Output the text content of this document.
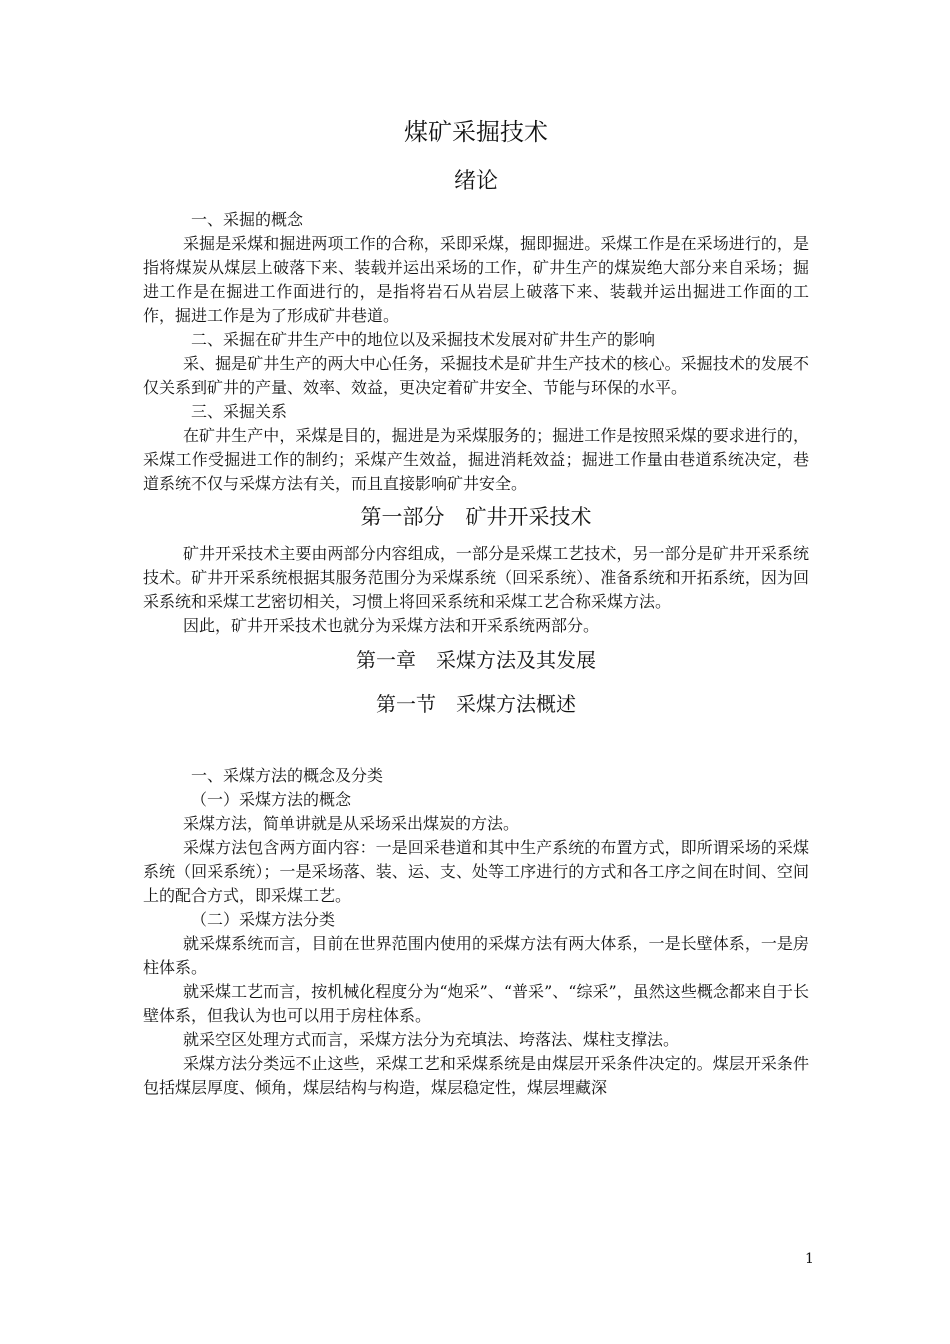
煤矿采掘技术
绪论

一、采掘的概念

采掘是采煤和掘进两项工作的合称，采即采煤，掘即掘进。采煤工作是在采场进行的，是指将煤炭从煤层上破落下来、装载并运出采场的工作，矿井生产的煤炭绝大部分来自采场；掘进工作是在掘进工作面进行的，是指将岩石从岩层上破落下来、装载并运出掘进工作面的工作，掘进工作是为了形成矿井巷道。

二、采掘在矿井生产中的地位以及采掘技术发展对矿井生产的影响

采、掘是矿井生产的两大中心任务，采掘技术是矿井生产技术的核心。采掘技术的发展不仅关系到矿井的产量、效率、效益，更决定着矿井安全、节能与环保的水平。

三、采掘关系

在矿井生产中，采煤是目的，掘进是为采煤服务的；掘进工作是按照采煤的要求进行的，采煤工作受掘进工作的制约；采煤产生效益，掘进消耗效益；掘进工作量由巷道系统决定，巷道系统不仅与采煤方法有关，而且直接影响矿井安全。

第一部分　矿井开采技术

矿井开采技术主要由两部分内容组成，一部分是采煤工艺技术，另一部分是矿井开采系统技术。矿井开采系统根据其服务范围分为采煤系统（回采系统）、准备系统和开拓系统，因为回采系统和采煤工艺密切相关，习惯上将回采系统和采煤工艺合称采煤方法。

因此，矿井开采技术也就分为采煤方法和开采系统两部分。

第一章　采煤方法及其发展
第一节　采煤方法概述

一、采煤方法的概念及分类

（一）采煤方法的概念

采煤方法，简单讲就是从采场采出煤炭的方法。

采煤方法包含两方面内容：一是回采巷道和其中生产系统的布置方式，即所谓采场的采煤系统（回采系统）；一是采场落、装、运、支、处等工序进行的方式和各工序之间在时间、空间上的配合方式，即采煤工艺。

（二）采煤方法分类

就采煤系统而言，目前在世界范围内使用的采煤方法有两大体系，一是长壁体系，一是房柱体系。

就采煤工艺而言，按机械化程度分为“炮采”、“普采”、“综采”，虽然这些概念都来自于长壁体系，但我认为也可以用于房柱体系。

就采空区处理方式而言，采煤方法分为充填法、垮落法、煤柱支撑法。

采煤方法分类远不止这些，采煤工艺和采煤系统是由煤层开采条件决定的。煤层开采条件包括煤层厚度、倾角，煤层结构与构造，煤层稳定性，煤层埋藏深

1
